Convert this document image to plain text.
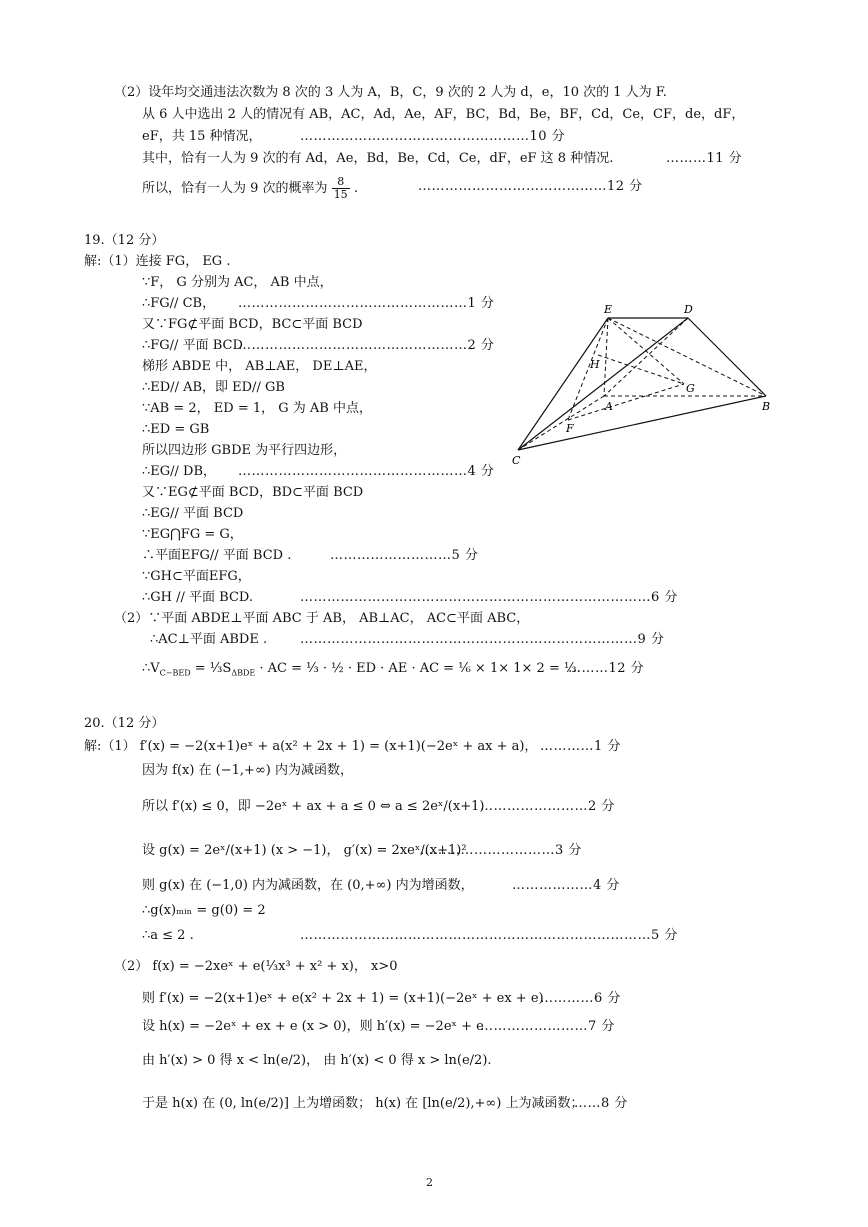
（2）设年均交通违法次数为 8 次的 3 人为 A，B，C，9 次的 2 人为 d，e，10 次的 1 人为 F.
从 6 人中选出 2 人的情况有 AB，AC，Ad，Ae，AF，BC，Bd，Be，BF，Cd，Ce，CF，de，dF，
eF，共 15 种情况，	……………………………………………10 分
其中，恰有一人为 9 次的有 Ad，Ae，Bd，Be，Cd，Ce，dF，eF 这 8 种情况.	………11 分
所以，恰有一人为 9 次的概率为 $\frac{8}{15}$ .	……………………………………12 分
19.（12 分）
解:（1）连接 FG， EG .
∵F， G 分别为 AC， AB 中点，
∴FG// CB， ……………………………………………1 分
又∵FG⊄平面 BCD，BC⊂平面 BCD
∴FG// 平面 BCD
……………………………………………2 分
梯形 ABDE 中， AB⊥AE， DE⊥AE，
∴ED// AB，即 ED// GB
∵AB = 2， ED = 1， G 为 AB 中点，
∴ED = GB
所以四边形 GBDE 为平行四边形，
∴EG// DB， ……………………………………………4 分
又∵EG⊄平面 BCD，BD⊂平面 BCD
∴EG// 平面 BCD
∵EG⋂FG = G，
∴平面EFG// 平面 BCD .	………………………5 分
∵GH⊂平面EFG，
∴GH // 平面 BCD.	……………………………………………………………………6 分
（2）∵平面 ABDE⊥平面 ABC 于 AB， AB⊥AC， AC⊂平面 ABC，
∴AC⊥平面 ABDE .	…………………………………………………………………9 分
$\therefore V_{C-BED}$ = $\frac{1}{3}S_{\Delta BDE}$ · AC = ⅓ · ½ · ED · AE · AC = ⅙ × 1× 1× 2 = ⅓.
………12 分
E	D
H
G
A	B
F
C
20.（12 分）
解:（1） f′(x) = −2(x+1)eˣ + a(x² + 2x + 1) = (x+1)(−2eˣ + ax + a)， …………1 分
因为 f(x) 在 (−1,+∞) 内为减函数，
所以 f′(x) ≤ 0，即 −2eˣ + ax + a ≤ 0 ⇔ a ≤ 2eˣ/(x+1)
……………………2 分
设 g(x) = 2eˣ/(x+1) (x > −1)， g′(x) = 2xeˣ/(x+1)²
…………………………3 分
则 g(x) 在 (−1,0) 内为减函数，在 (0,+∞) 内为增函数，	………………4 分
∴g(x)ₘᵢₙ = g(0) = 2
∴a ≤ 2 .	……………………………………………………………………5 分
（2） f(x) = −2xeˣ + e(⅓x³ + x² + x)， x>0
则 f′(x) = −2(x+1)eˣ + e(x² + 2x + 1) = (x+1)(−2eˣ + ex + e)
…………6 分
设 h(x) = −2eˣ + ex + e (x > 0)，则 h′(x) = −2eˣ + e
……………………7 分
由 h′(x) > 0 得 x < ln(e/2)， 由 h′(x) < 0 得 x > ln(e/2).
于是 h(x) 在 (0, ln(e/2)] 上为增函数； h(x) 在 [ln(e/2),+∞) 上为减函数；
……8 分
2
